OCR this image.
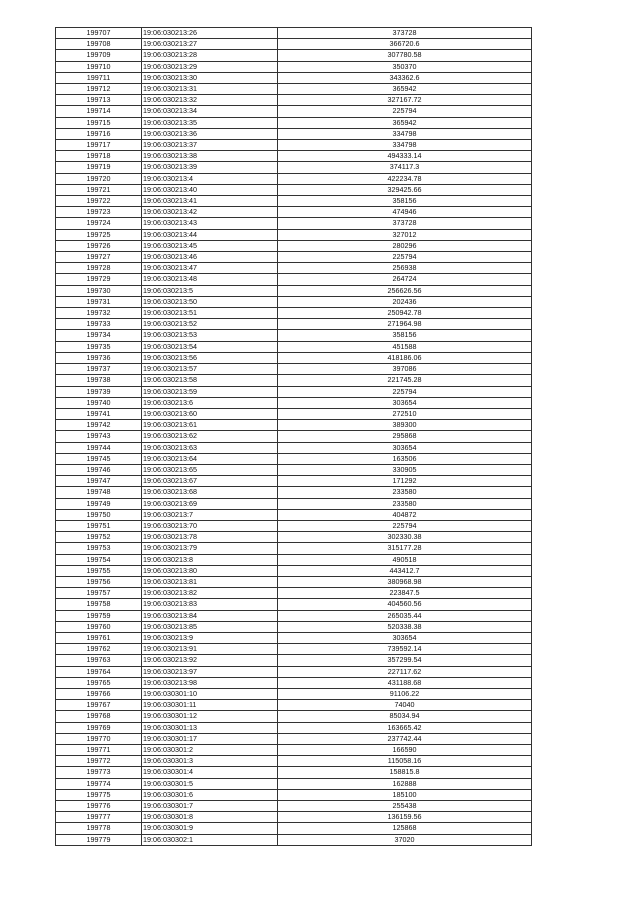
199707	19:06:030213:26	373728
199708	19:06:030213:27	366720.6
199709	19:06:030213:28	307780.58
199710	19:06:030213:29	350370
199711	19:06:030213:30	343362.6
199712	19:06:030213:31	365942
199713	19:06:030213:32	327167.72
199714	19:06:030213:34	225794
199715	19:06:030213:35	365942
199716	19:06:030213:36	334798
199717	19:06:030213:37	334798
199718	19:06:030213:38	494333.14
199719	19:06:030213:39	374117.3
199720	19:06:030213:4	422234.78
199721	19:06:030213:40	329425.66
199722	19:06:030213:41	358156
199723	19:06:030213:42	474946
199724	19:06:030213:43	373728
199725	19:06:030213:44	327012
199726	19:06:030213:45	280296
199727	19:06:030213:46	225794
199728	19:06:030213:47	256938
199729	19:06:030213:48	264724
199730	19:06:030213:5	256626.56
199731	19:06:030213:50	202436
199732	19:06:030213:51	250942.78
199733	19:06:030213:52	271964.98
199734	19:06:030213:53	358156
199735	19:06:030213:54	451588
199736	19:06:030213:56	418186.06
199737	19:06:030213:57	397086
199738	19:06:030213:58	221745.28
199739	19:06:030213:59	225794
199740	19:06:030213:6	303654
199741	19:06:030213:60	272510
199742	19:06:030213:61	389300
199743	19:06:030213:62	295868
199744	19:06:030213:63	303654
199745	19:06:030213:64	163506
199746	19:06:030213:65	330905
199747	19:06:030213:67	171292
199748	19:06:030213:68	233580
199749	19:06:030213:69	233580
199750	19:06:030213:7	404872
199751	19:06:030213:70	225794
199752	19:06:030213:78	302330.38
199753	19:06:030213:79	315177.28
199754	19:06:030213:8	490518
199755	19:06:030213:80	443412.7
199756	19:06:030213:81	380968.98
199757	19:06:030213:82	223847.5
199758	19:06:030213:83	404560.56
199759	19:06:030213:84	265035.44
199760	19:06:030213:85	520338.38
199761	19:06:030213:9	303654
199762	19:06:030213:91	739592.14
199763	19:06:030213:92	357299.54
199764	19:06:030213:97	227117.62
199765	19:06:030213:98	431188.68
199766	19:06:030301:10	91106.22
199767	19:06:030301:11	74040
199768	19:06:030301:12	85034.94
199769	19:06:030301:13	163665.42
199770	19:06:030301:17	237742.44
199771	19:06:030301:2	166590
199772	19:06:030301:3	115058.16
199773	19:06:030301:4	158815.8
199774	19:06:030301:5	162888
199775	19:06:030301:6	185100
199776	19:06:030301:7	255438
199777	19:06:030301:8	136159.56
199778	19:06:030301:9	125868
199779	19:06:030302:1	37020
